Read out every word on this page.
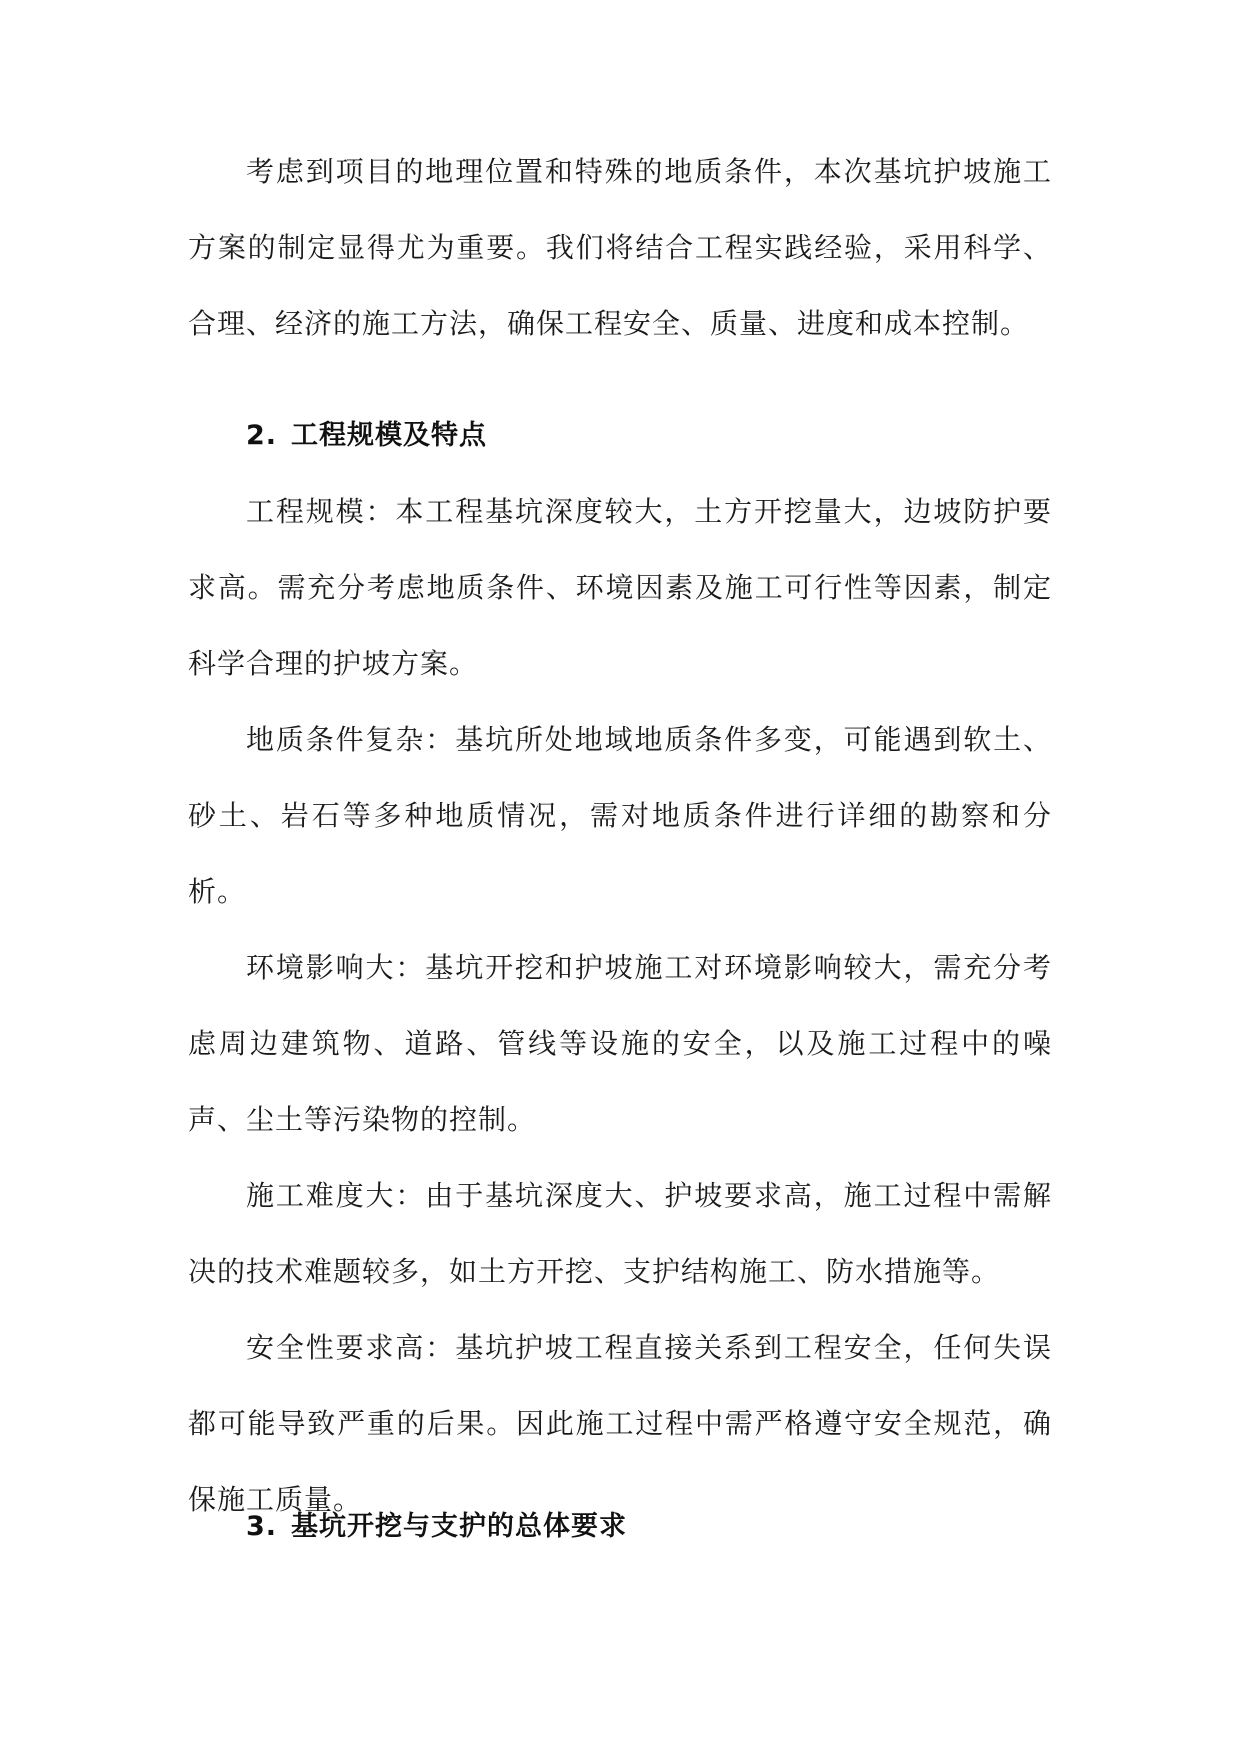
考虑到项目的地理位置和特殊的地质条件，本次基坑护坡施工方案的制定显得尤为重要。我们将结合工程实践经验，采用科学、合理、经济的施工方法，确保工程安全、质量、进度和成本控制。

2. 工程规模及特点

工程规模：本工程基坑深度较大，土方开挖量大，边坡防护要求高。需充分考虑地质条件、环境因素及施工可行性等因素，制定科学合理的护坡方案。

地质条件复杂：基坑所处地域地质条件多变，可能遇到软土、砂土、岩石等多种地质情况，需对地质条件进行详细的勘察和分析。

环境影响大：基坑开挖和护坡施工对环境影响较大，需充分考虑周边建筑物、道路、管线等设施的安全，以及施工过程中的噪声、尘土等污染物的控制。

施工难度大：由于基坑深度大、护坡要求高，施工过程中需解决的技术难题较多，如土方开挖、支护结构施工、防水措施等。

安全性要求高：基坑护坡工程直接关系到工程安全，任何失误都可能导致严重的后果。因此施工过程中需严格遵守安全规范，确保施工质量。

3. 基坑开挖与支护的总体要求
